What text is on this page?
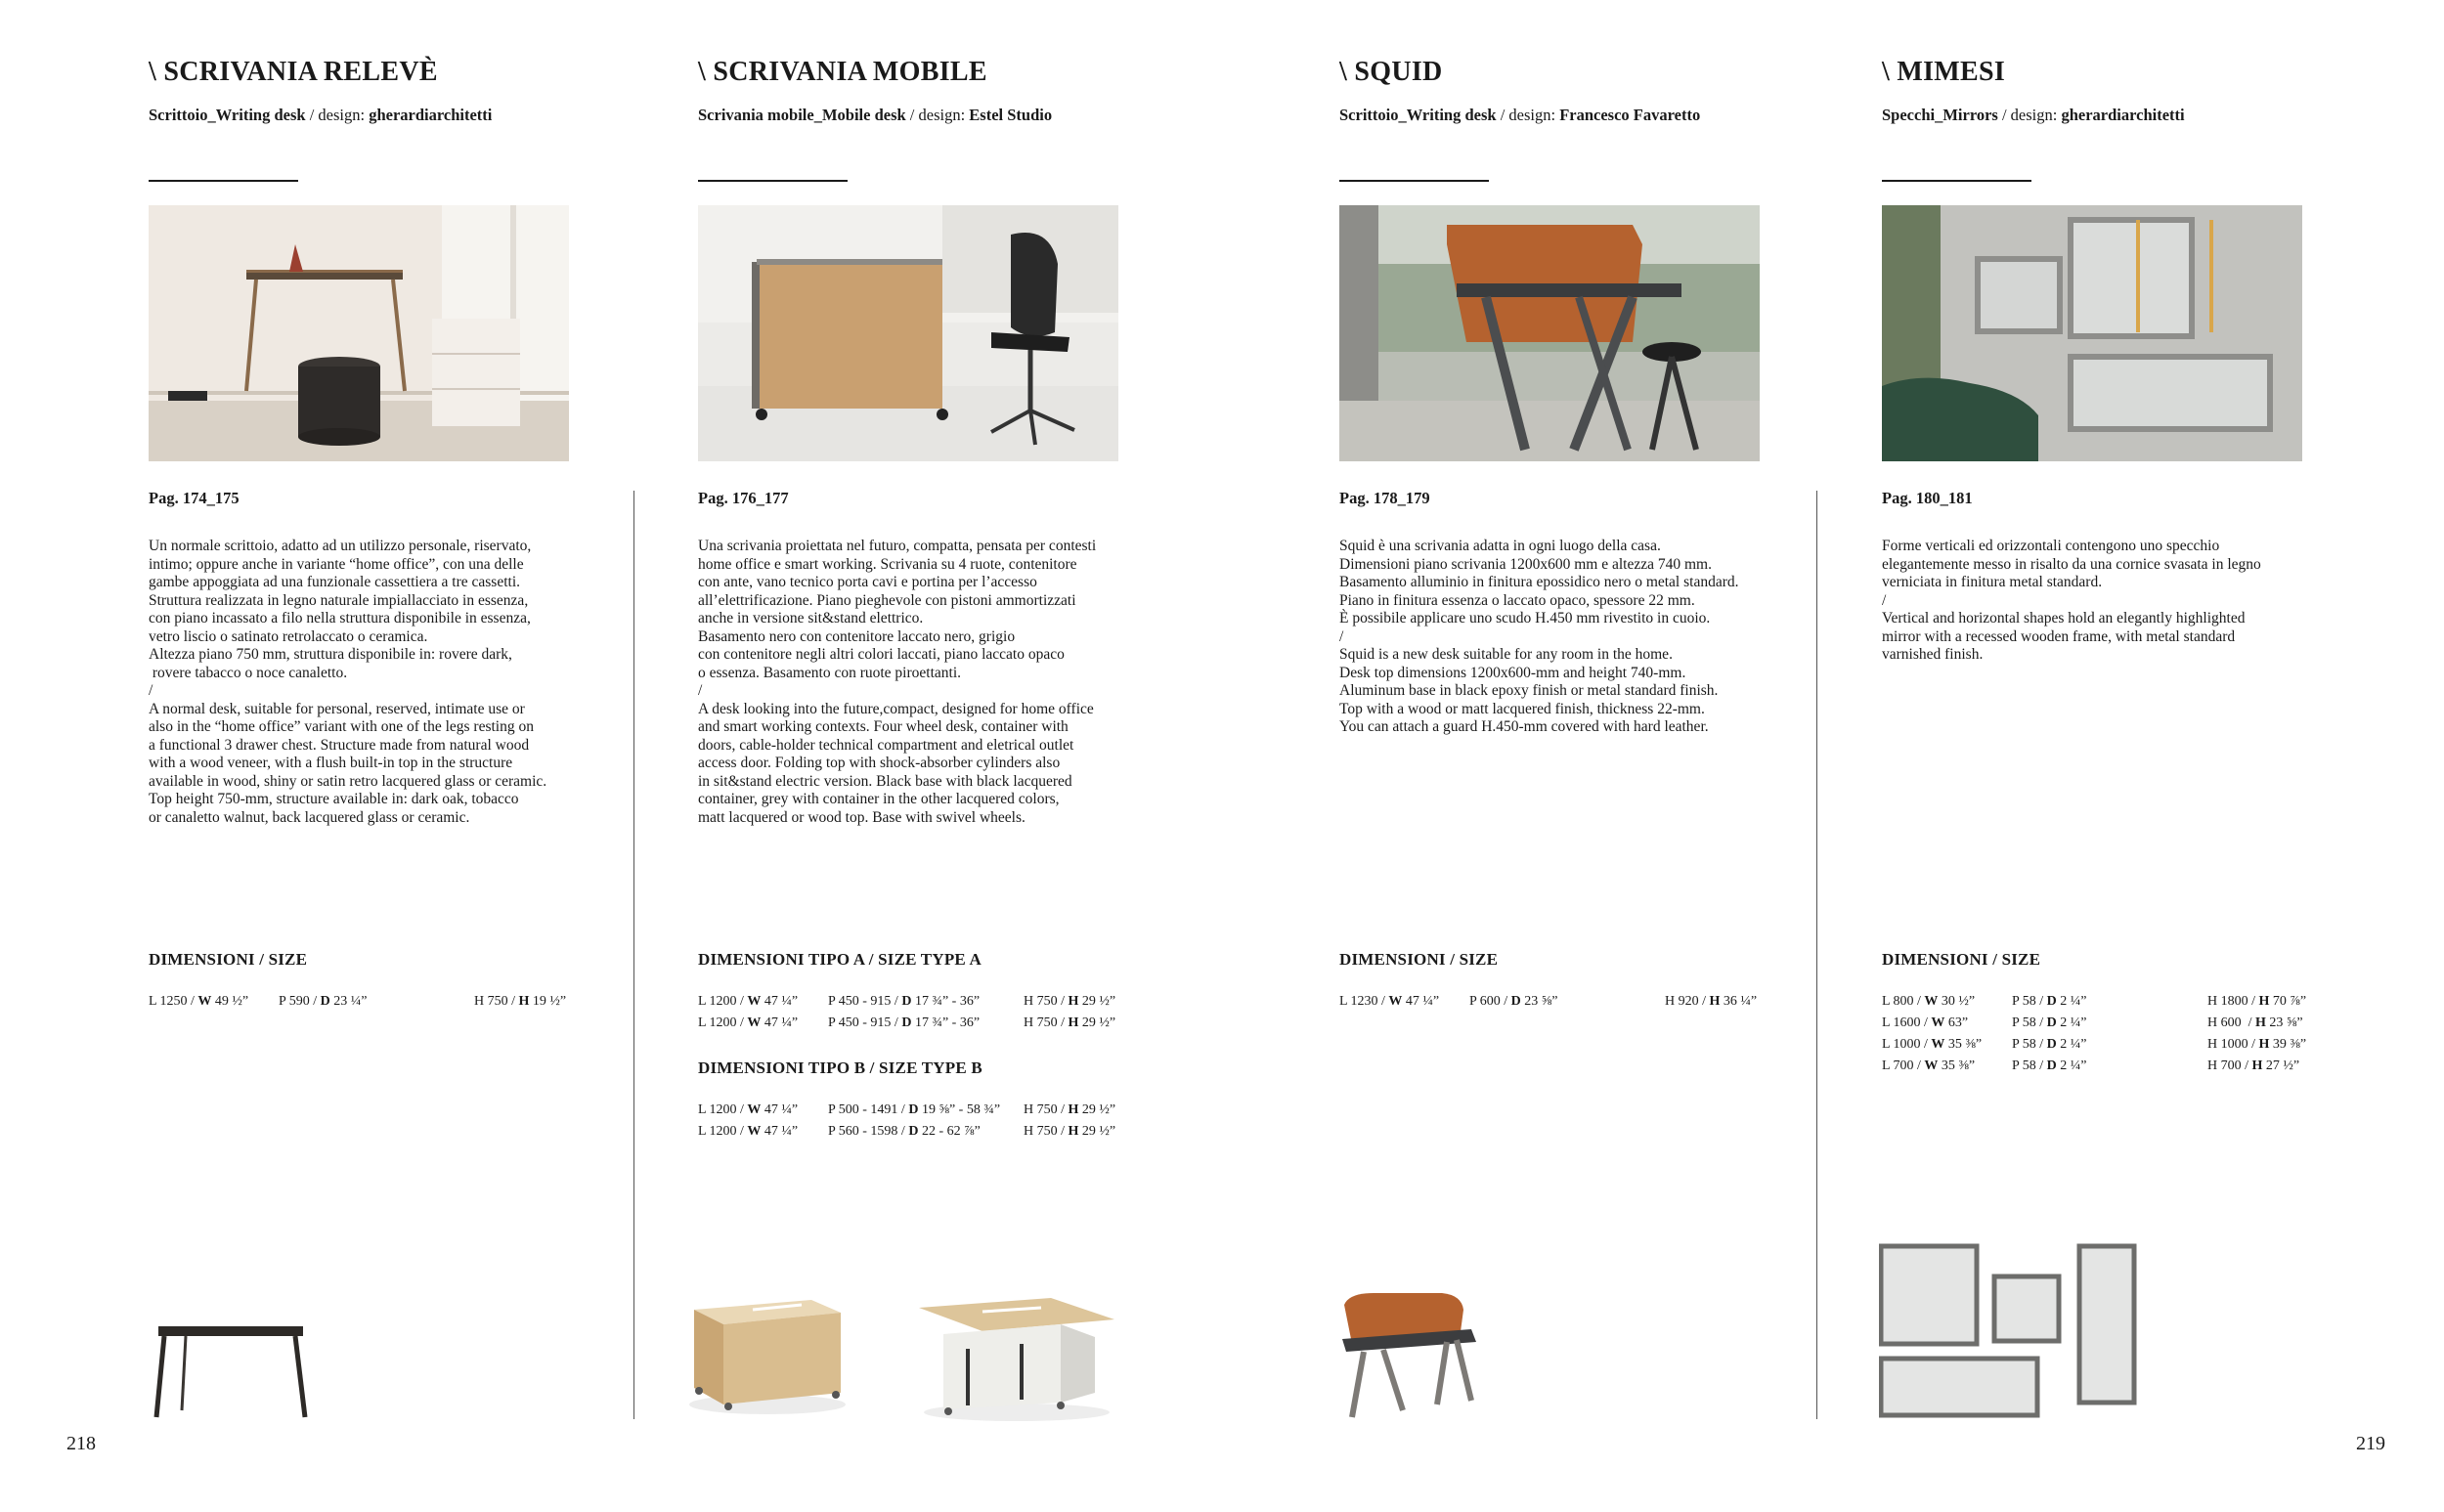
\ SCRIVANIA RELEVÈ
Scrittoio_Writing desk / design: gherardiarchitetti
Pag. 174_175

Un normale scrittoio, adatto ad un utilizzo personale, riservato,

intimo; oppure anche in variante “home office”, con una delle

gambe appoggiata ad una funzionale cassettiera a tre cassetti.

Struttura realizzata in legno naturale impiallacciato in essenza,

con piano incassato a filo nella struttura disponibile in essenza,

vetro liscio o satinato retrolaccato o ceramica.

Altezza piano 750 mm, struttura disponibile in: rovere dark,

rovere tabacco o noce canaletto.

/

A normal desk, suitable for personal, reserved, intimate use or

also in the “home office” variant with one of the legs resting on

a functional 3 drawer chest. Structure made from natural wood

with a wood veneer, with a flush built-in top in the structure

available in wood, shiny or satin retro lacquered glass or ceramic.

Top height 750-mm, structure available in: dark oak, tobacco

or canaletto walnut, back lacquered glass or ceramic.

DIMENSIONI / SIZE
L 1250 / W 49 ½” P 590 / D 23 ¼”	H 750 / H 19 ½”
\ SCRIVANIA MOBILE
Scrivania mobile_Mobile desk / design: Estel Studio
Pag. 176_177

Una scrivania proiettata nel futuro, compatta, pensata per contesti

home office e smart working. Scrivania su 4 ruote, contenitore

con ante, vano tecnico porta cavi e portina per l’accesso

all’elettrificazione. Piano pieghevole con pistoni ammortizzati

anche in versione sit&stand elettrico.

Basamento nero con contenitore laccato nero, grigio

con contenitore negli altri colori laccati, piano laccato opaco

o essenza. Basamento con ruote piroettanti.

/

A desk looking into the future,compact, designed for home office

and smart working contexts. Four wheel desk, container with

doors, cable-holder technical compartment and eletrical outlet

access door. Folding top with shock-absorber cylinders also

in sit&stand electric version. Black base with black lacquered

container, grey with container in the other lacquered colors,

matt lacquered or wood top. Base with swivel wheels.

DIMENSIONI TIPO A / SIZE TYPE A
L 1200 / W 47 ¼” P 450 - 915 / D 17 ¾” - 36”	H 750 / H 29 ½”
L 1200 / W 47 ¼” P 450 - 915 / D 17 ¾” - 36”	H 750 / H 29 ½”
DIMENSIONI TIPO B / SIZE TYPE B
L 1200 / W 47 ¼” P 500 - 1491 / D 19 ⅝” - 58 ¾” H 750 / H 29 ½”
L 1200 / W 47 ¼” P 560 - 1598 / D 22 - 62 ⅞”	H 750 / H 29 ½”
\ SQUID
Scrittoio_Writing desk / design: Francesco Favaretto
Pag. 178_179

Squid è una scrivania adatta in ogni luogo della casa.

Dimensioni piano scrivania 1200x600 mm e altezza 740 mm.

Basamento alluminio in finitura epossidico nero o metal standard.

Piano in finitura essenza o laccato opaco, spessore 22 mm.

È possibile applicare uno scudo H.450 mm rivestito in cuoio.

/

Squid is a new desk suitable for any room in the home.

Desk top dimensions 1200x600-mm and height 740-mm.

Aluminum base in black epoxy finish or metal standard finish.

Top with a wood or matt lacquered finish, thickness 22-mm.

You can attach a guard H.450-mm covered with hard leather.

DIMENSIONI / SIZE
L 1230 / W 47 ¼” P 600 / D 23 ⅝”	H 920 / H 36 ¼”
\ MIMESI
Specchi_Mirrors / design: gherardiarchitetti
Pag. 180_181

Forme verticali ed orizzontali contengono uno specchio

elegantemente messo in risalto da una cornice svasata in legno

verniciata in finitura metal standard.

/

Vertical and horizontal shapes hold an elegantly highlighted

mirror with a recessed wooden frame, with metal standard

varnished finish.

DIMENSIONI / SIZE
L 800 / W 30 ½”	P 58 / D 2 ¼”	H 1800 / H 70 ⅞”
L 1600 / W 63”	P 58 / D 2 ¼”	H 600  / H 23 ⅝”
L 1000 / W 35 ⅜” P 58 / D 2 ¼”	H 1000 / H 39 ⅜”
L 700 / W 35 ⅜”	P 58 / D 2 ¼”	H 700 / H 27 ½”
218	219
